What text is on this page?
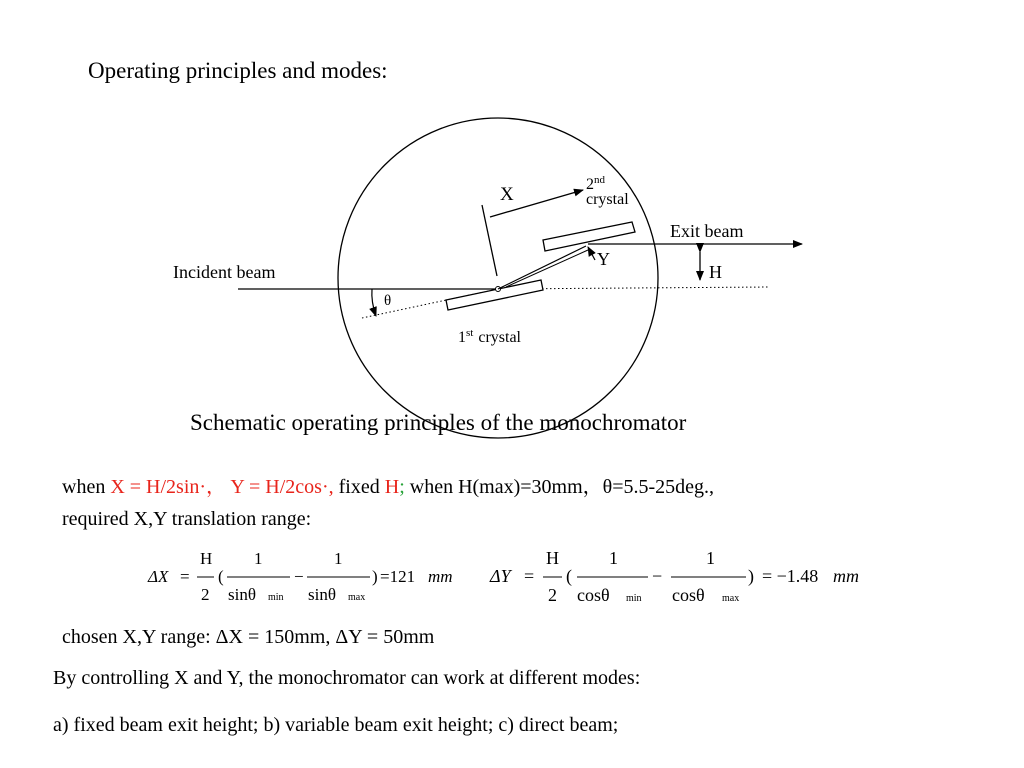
Operating principles and modes:
X	2nd
crystal
Exit beam
Y
H
Incident beam
θ
1st crystal
ΔX =
H
2
(
1
sinθ min
−
1
sinθ max
) =121 mm ΔY =
H
2
(
1
cosθ min
−
1
cosθ max
) = −1.48 mm
Schematic operating principles of the monochromator
when X = H/2sin·， Y = H/2cos·, fixed H; when H(max)=30mm，θ=5.5-25deg.,
required X,Y translation range:
chosen X,Y range: ΔX = 150mm, ΔY = 50mm
By controlling X and Y, the monochromator can work at different modes:
a) fixed beam exit height; b) variable beam exit height; c) direct beam;
